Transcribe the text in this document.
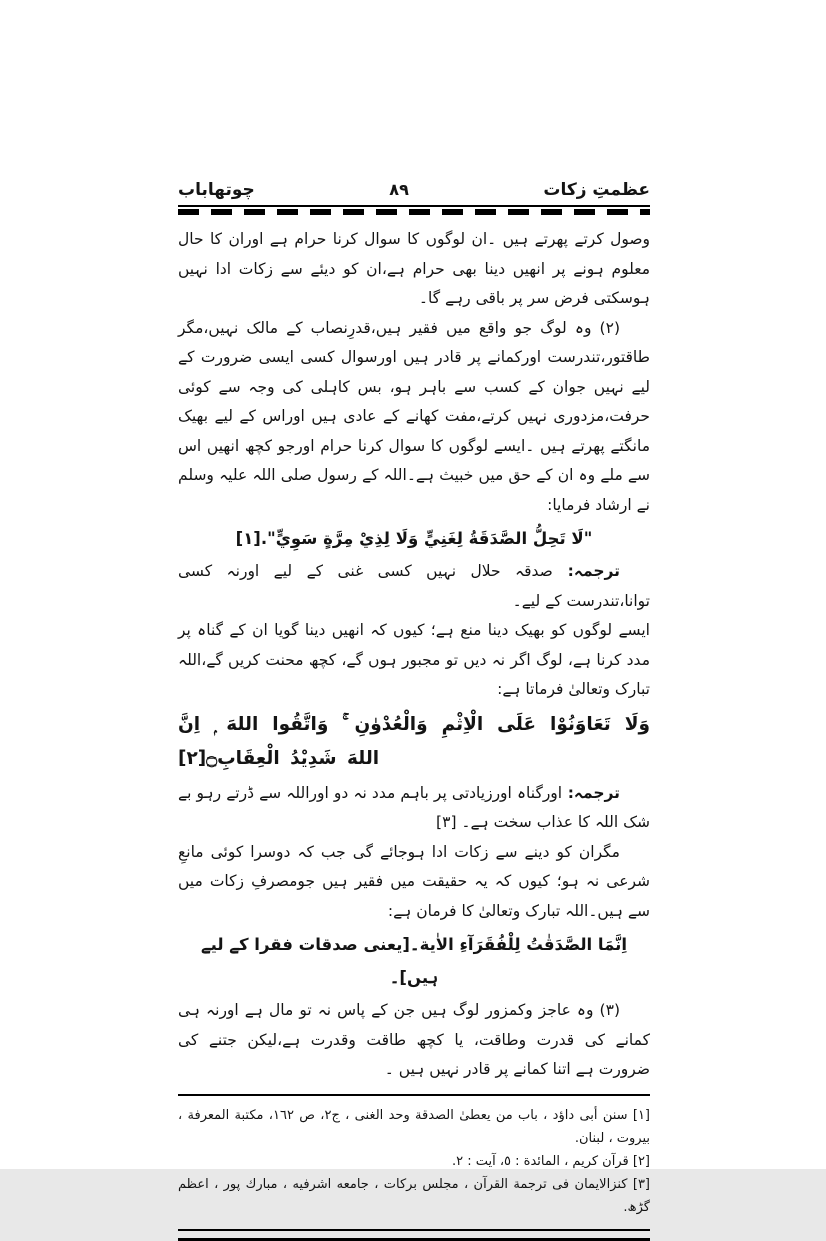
چوتھاباب	٨٩	عظمتِ زکات

وصول کرتے پھرتے ہیں ۔ان لوگوں کا سوال کرنا حرام ہے اوران کا حال معلوم ہونے پر انھیں دینا بھی حرام ہے،ان کو دیئے سے زکات ادا نہیں ہوسکتی فرض سر پر باقی رہے گا۔

(۲) وہ لوگ جو واقع میں فقیر ہیں،قدرِنصاب کے مالک نہیں،مگر طاقتور،تندرست اورکمانے پر قادر ہیں اورسوال کسی ایسی ضرورت کے لیے نہیں جوان کے کسب سے باہر ہو، بس کاہلی کی وجہ سے کوئی حرفت،مزدوری نہیں کرتے،مفت کھانے کے عادی ہیں اوراس کے لیے بھیک مانگتے پھرتے ہیں ۔ایسے لوگوں کا سوال کرنا حرام اورجو کچھ انھیں اس سے ملے وہ ان کے حق میں خبیث ہے۔اللہ کے رسول صلی اللہ علیہ وسلم نے ارشاد فرمایا:

"لَا تَحِلُّ الصَّدَقَةُ لِغَنِيٍّ وَلَا لِذِيْ مِرَّةٍ سَوِيٍّ".[١]

ترجمہ: صدقہ حلال نہیں کسی غنی کے لیے اورنہ کسی توانا،تندرست کے لیے۔

ایسے لوگوں کو بھیک دینا منع ہے؛ کیوں کہ انھیں دینا گویا ان کے گناہ پر مدد کرنا ہے، لوگ اگر نہ دیں تو مجبور ہوں گے، کچھ محنت کریں گے،اللہ تبارک وتعالیٰ فرماتا ہے:

وَلَا تَعَاوَنُوْا عَلَى الْاِثْمِ وَالْعُدْوٰنِ ۚ وَاتَّقُوا اللهَ ۭ اِنَّ اللهَ شَدِيْدُ الْعِقَابِ۝[٢]

ترجمہ: اورگناہ اورزیادتی پر باہم مدد نہ دو اوراللہ سے ڈرتے رہو بے شک اللہ کا عذاب سخت ہے۔ [٣]

مگران کو دینے سے زکات ادا ہوجائے گی جب کہ دوسرا کوئی مانعِ شرعی نہ ہو؛ کیوں کہ یہ حقیقت میں فقیر ہیں جومصرفِ زکات میں سے ہیں۔اللہ تبارک وتعالیٰ کا فرمان ہے:

اِنَّمَا الصَّدَقٰتُ لِلْفُقَرَآءِ الاٰية۔[یعنی صدقات فقرا کے لیے ہیں]۔

(۳) وہ عاجز وکمزور لوگ ہیں جن کے پاس نہ تو مال ہے اورنہ ہی کمانے کی قدرت وطاقت، یا کچھ طاقت وقدرت ہے،لیکن جتنے کی ضرورت ہے اتنا کمانے پر قادر نہیں ہیں ۔

[١] سنن أبى داؤد ، باب من يعطىٰ الصدقة وحد الغنى ، ج٢، ص ١٦٢، مكتبة المعرفة ، بيروت ، لبنان.

[٢] قرآن كريم ، المائدة : ٥، آيت : ٢.

[٣] كنزالايمان فى ترجمة القرآن ، مجلس بركات ، جامعه اشرفيه ، مبارك پور ، اعظم گڑھ.
